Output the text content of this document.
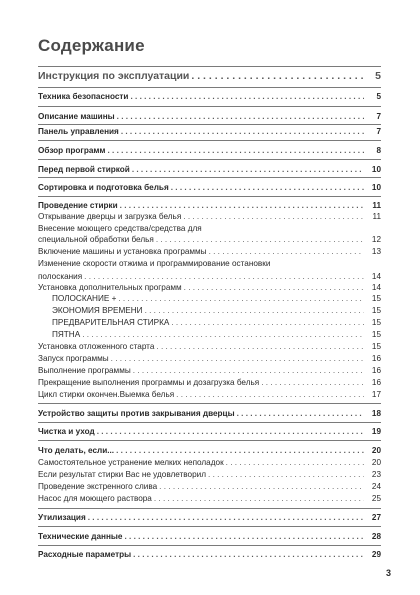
Содержание
Инструкция по эксплуатации . . .	5
Техника безопасности . . .	5
Описание машины . . .	7
Панель управления . . .	7
Обзор программ . . .	8
Перед первой стиркой . . .	10
Сортировка и подготовка белья . . .	10
Проведение стирки . . .	11
Открывание дверцы и загрузка белья . . .	11
Внесение моющего средства/средства для
специальной обработки белья . . .	12
Включение машины и установка программы . . .	13
Изменение скорости отжима и программирование остановки
полоскания . . .	14
Установка дополнительных программ . . .	14
ПОЛОСКАНИЕ + . . .	15
ЭКОНОМИЯ ВРЕМЕНИ . . .	15
ПРЕДВАРИТЕЛЬНАЯ СТИРКА . . .	15
ПЯТНА . . .	15
Установка отложенного старта . . .	15
Запуск программы . . .	16
Выполнение программы . . .	16
Прекращение выполнения программы и дозагрузка белья . . .	16
Цикл стирки окончен.Выемка белья . . .	17
Устройство защиты против закрывания дверцы . . .	18
Чистка и уход . . .	19
Что делать, если... . . .	20
Самостоятельное устранение мелких неполадок . . .	20
Если результат стирки Вас не удовлетворил . . .	23
Проведение экстренного слива . . .	24
Насос для моющего раствора . . .	25
Утилизация . . .	27
Технические данные . . .	28
Расходные параметры . . .	29
3
